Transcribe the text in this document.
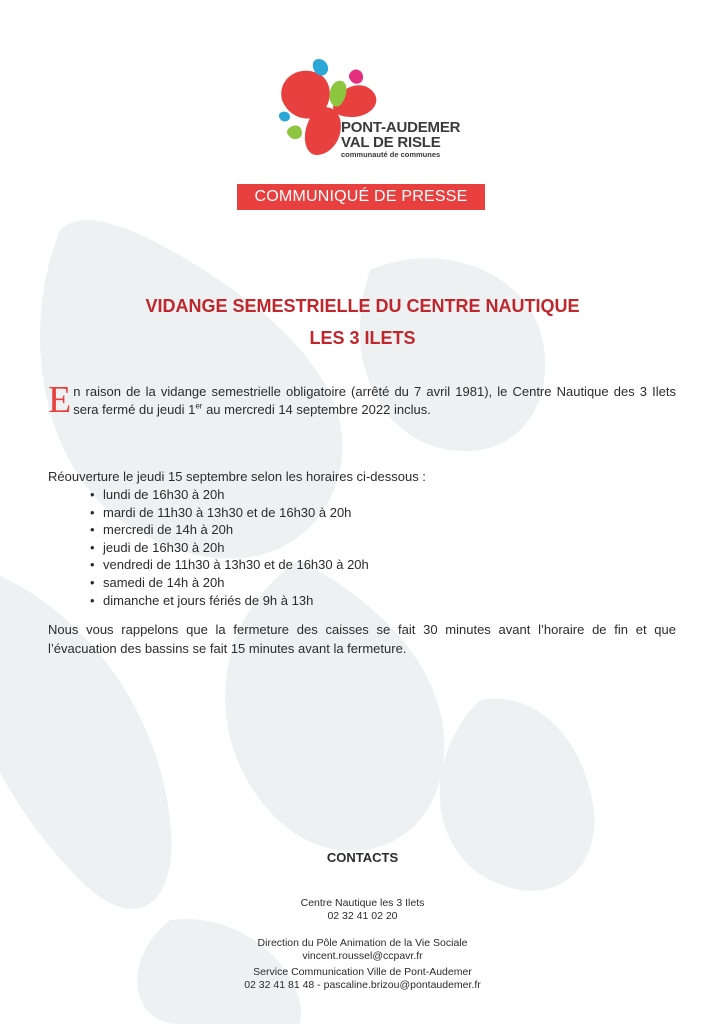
PONT-AUDEMER
VAL DE RISLE
communauté de communes
COMMUNIQUÉ DE PRESSE
VIDANGE SEMESTRIELLE DU CENTRE NAUTIQUE
LES 3 ILETS
En raison de la vidange semestrielle obligatoire (arrêté du 7 avril 1981), le Centre Nautique des 3 Ilets sera fermé du jeudi 1er au mercredi 14 septembre 2022 inclus.
Réouverture le jeudi 15 septembre selon les horaires ci-dessous :
• lundi de 16h30 à 20h
• mardi de 11h30 à 13h30 et de 16h30 à 20h
• mercredi de 14h à 20h
• jeudi de 16h30 à 20h
• vendredi de 11h30 à 13h30 et de 16h30 à 20h
• samedi de 14h à 20h
• dimanche et jours fériés de 9h à 13h
Nous vous rappelons que la fermeture des caisses se fait 30 minutes avant l’horaire de fin et que l’évacuation des bassins se fait 15 minutes avant la fermeture.
CONTACTS
Centre Nautique les 3 Ilets
02 32 41 02 20
Direction du Pôle Animation de la Vie Sociale
vincent.roussel@ccpavr.fr
Service Communication Ville de Pont-Audemer
02 32 41 81 48 - pascaline.brizou@pontaudemer.fr
